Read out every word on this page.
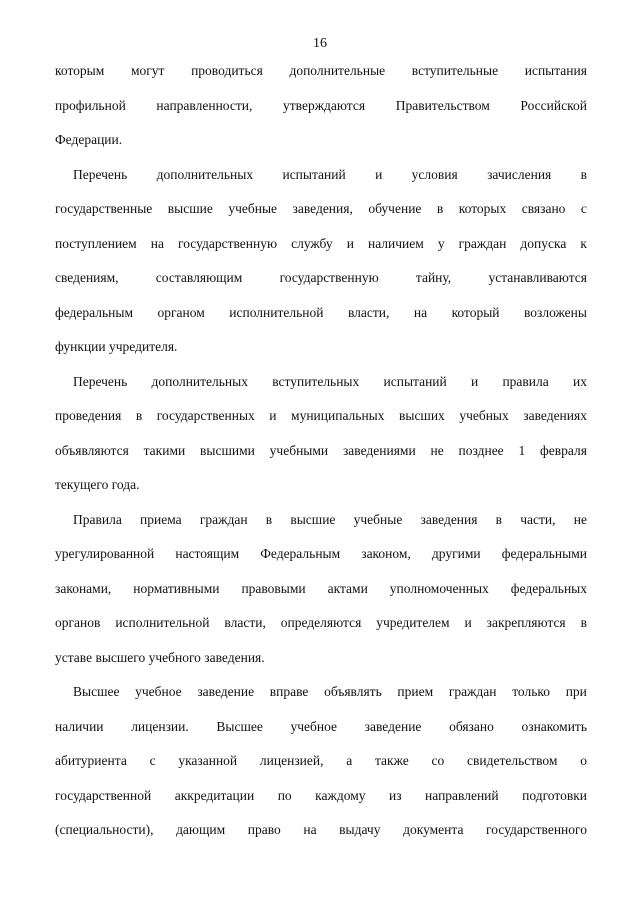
16
которым могут проводиться дополнительные вступительные испытания
профильной направленности, утверждаются Правительством Российской
Федерации.
Перечень дополнительных испытаний и условия зачисления в
государственные высшие учебные заведения, обучение в которых связано с
поступлением на государственную службу и наличием у граждан допуска к
сведениям,	составляющим	государственную	тайну,	устанавливаются
федеральным органом исполнительной власти, на который возложены
функции учредителя.
Перечень дополнительных вступительных испытаний и правила их
проведения в государственных и муниципальных высших учебных заведениях
объявляются такими высшими учебными заведениями не позднее 1 февраля
текущего года.
Правила приема граждан в высшие учебные заведения в части, не
урегулированной настоящим Федеральным законом, другими федеральными
законами, нормативными правовыми актами уполномоченных федеральных
органов исполнительной власти, определяются учредителем и закрепляются в
уставе высшего учебного заведения.
Высшее учебное заведение вправе объявлять прием граждан только при
наличии лицензии. Высшее учебное заведение обязано ознакомить
абитуриента с указанной лицензией, а также со свидетельством о
государственной аккредитации по каждому из направлений подготовки
(специальности), дающим право на выдачу документа государственного
